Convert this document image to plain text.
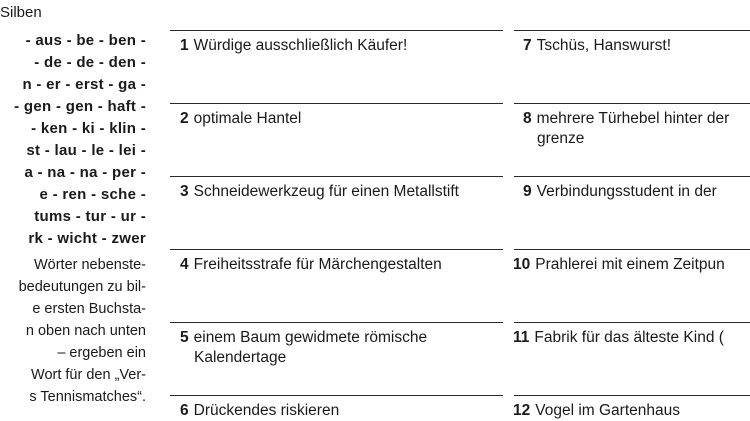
Silben
- aus - be - ben -
- de - de - den -
n - er - erst - ga -
- gen - gen - haft -
- ken - ki - klin -
st - lau - le - lei -
a - na - na - per -
e - ren - sche -
tums - tur - ur -
rk - wicht - zwer
Wörter nebenste-
bedeutungen zu bil-
e ersten Buchsta-
n oben nach unten
– ergeben ein
Wort für den „Ver-
s Tennismatches“.
1 Würdige ausschließlich Käufer!
2 optimale Hantel
3 Schneidewerkzeug für einen Metallstift
4 Freiheitsstrafe für Märchengestalten
5 einem Baum gewidmete römische
Kalendertage
6 Drückendes riskieren
7 Tschüs, Hanswurst!
8 mehrere Türhebel hinter der
grenze
9 Verbindungsstudent in der
10 Prahlerei mit einem Zeitpun
11 Fabrik für das älteste Kind (
12 Vogel im Gartenhaus
